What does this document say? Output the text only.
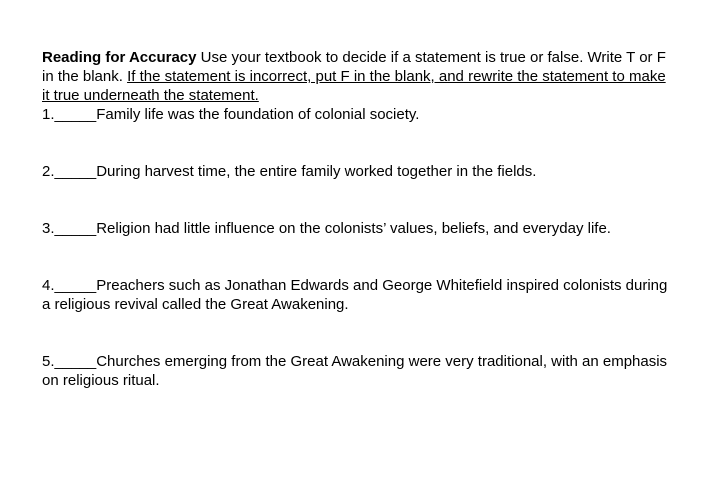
Reading for Accuracy Use your textbook to decide if a statement is true or false. Write T or F in the blank. If the statement is incorrect, put F in the blank, and rewrite the statement to make it true underneath the statement.

1._____Family life was the foundation of colonial society.

2._____During harvest time, the entire family worked together in the fields.

3._____Religion had little influence on the colonists’ values, beliefs, and everyday life.

4._____Preachers such as Jonathan Edwards and George Whitefield inspired colonists during a religious revival called the Great Awakening.

5._____Churches emerging from the Great Awakening were very traditional, with an emphasis on religious ritual.
